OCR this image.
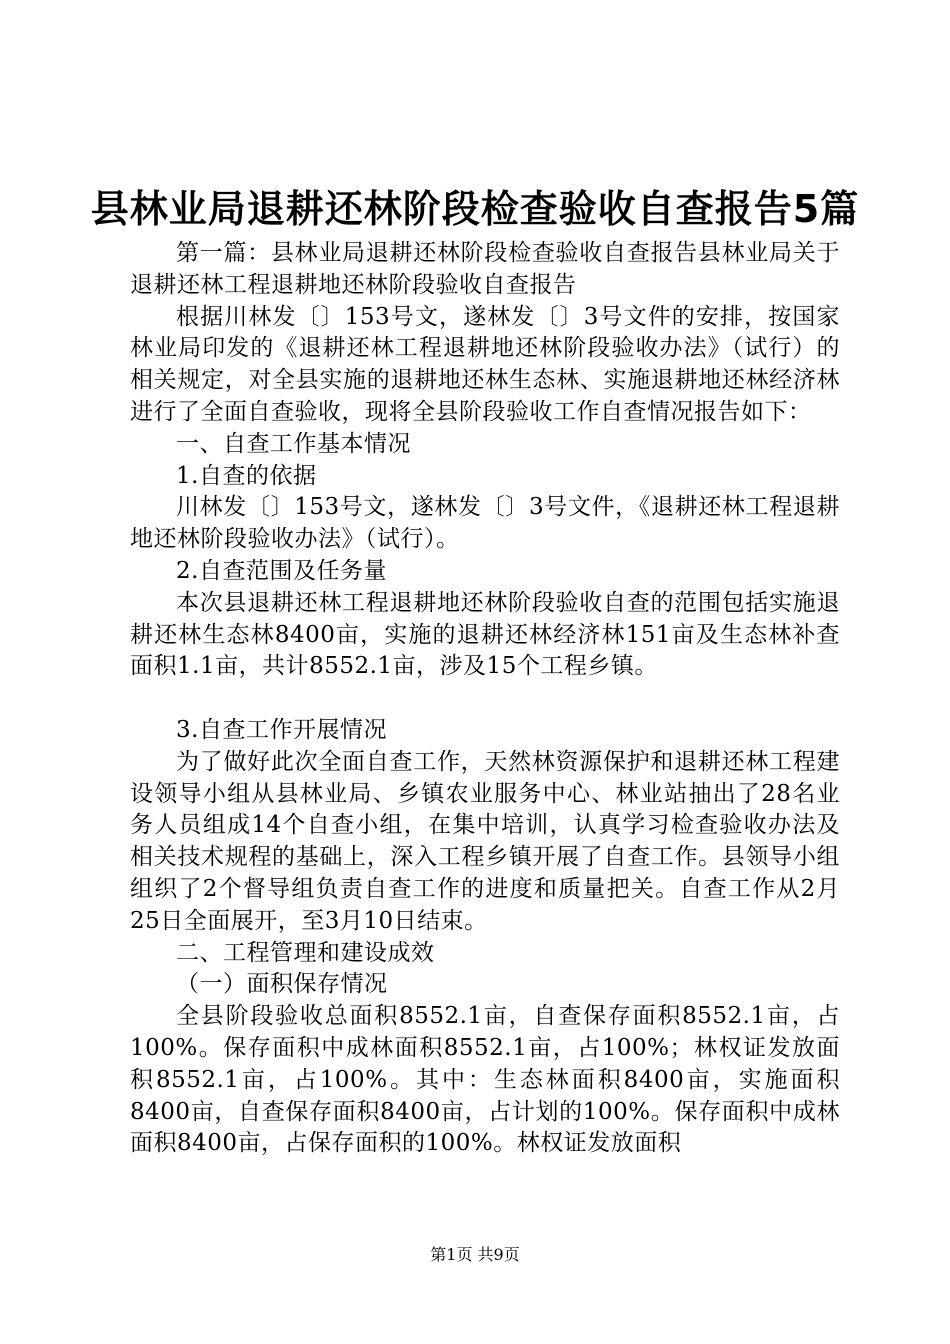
县林业局退耕还林阶段检查验收自查报告5篇

第一篇：县林业局退耕还林阶段检查验收自查报告县林业局关于退耕还林工程退耕地还林阶段验收自查报告

根据川林发〔〕153号文，遂林发〔〕3号文件的安排，按国家林业局印发的《退耕还林工程退耕地还林阶段验收办法》（试行）的相关规定，对全县实施的退耕地还林生态林、实施退耕地还林经济林进行了全面自查验收，现将全县阶段验收工作自查情况报告如下：

一、自查工作基本情况

1.自查的依据

川林发〔〕153号文，遂林发〔〕3号文件，《退耕还林工程退耕地还林阶段验收办法》（试行）。

2.自查范围及任务量

本次县退耕还林工程退耕地还林阶段验收自查的范围包括实施退耕还林生态林8400亩，实施的退耕还林经济林151亩及生态林补查面积1.1亩，共计8552.1亩，涉及15个工程乡镇。

3.自查工作开展情况

为了做好此次全面自查工作，天然林资源保护和退耕还林工程建设领导小组从县林业局、乡镇农业服务中心、林业站抽出了28名业务人员组成14个自查小组，在集中培训，认真学习检查验收办法及相关技术规程的基础上，深入工程乡镇开展了自查工作。县领导小组组织了2个督导组负责自查工作的进度和质量把关。自查工作从2月25日全面展开，至3月10日结束。

二、工程管理和建设成效

（一）面积保存情况

全县阶段验收总面积8552.1亩，自查保存面积8552.1亩，占100%。保存面积中成林面积8552.1亩，占100%；林权证发放面积8552.1亩，占100%。其中：生态林面积8400亩，实施面积8400亩，自查保存面积8400亩，占计划的100%。保存面积中成林面积8400亩，占保存面积的100%。林权证发放面积

第1页 共9页
